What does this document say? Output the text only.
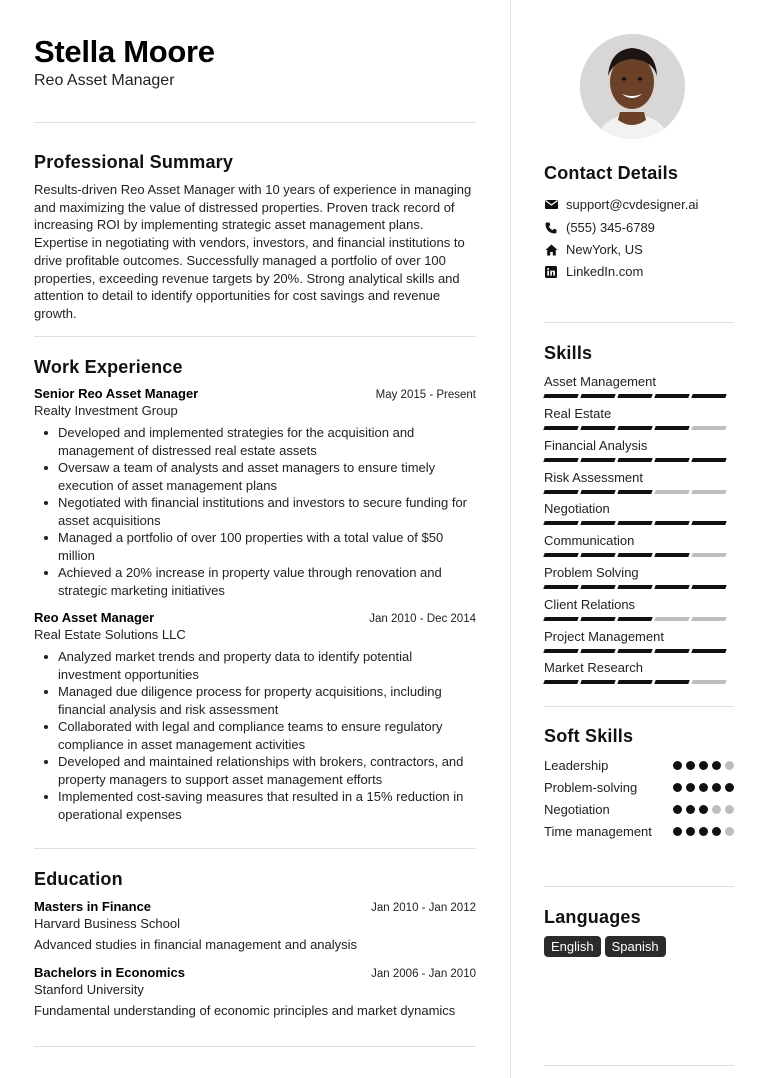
Stella Moore
Reo Asset Manager
Professional Summary
Results-driven Reo Asset Manager with 10 years of experience in managing and maximizing the value of distressed properties. Proven track record of increasing ROI by implementing strategic asset management plans. Expertise in negotiating with vendors, investors, and financial institutions to drive profitable outcomes. Successfully managed a portfolio of over 100 properties, exceeding revenue targets by 20%. Strong analytical skills and attention to detail to identify opportunities for cost savings and revenue growth.
Work Experience
Senior Reo Asset Manager	May 2015 - Present
Realty Investment Group
Developed and implemented strategies for the acquisition and management of distressed real estate assets
Oversaw a team of analysts and asset managers to ensure timely execution of asset management plans
Negotiated with financial institutions and investors to secure funding for asset acquisitions
Managed a portfolio of over 100 properties with a total value of $50 million
Achieved a 20% increase in property value through renovation and strategic marketing initiatives
Reo Asset Manager	Jan 2010 - Dec 2014
Real Estate Solutions LLC
Analyzed market trends and property data to identify potential investment opportunities
Managed due diligence process for property acquisitions, including financial analysis and risk assessment
Collaborated with legal and compliance teams to ensure regulatory compliance in asset management activities
Developed and maintained relationships with brokers, contractors, and property managers to support asset management efforts
Implemented cost-saving measures that resulted in a 15% reduction in operational expenses
Education
Masters in Finance	Jan 2010 - Jan 2012
Harvard Business School
Advanced studies in financial management and analysis
Bachelors in Economics	Jan 2006 - Jan 2010
Stanford University
Fundamental understanding of economic principles and market dynamics
Contact Details
support@cvdesigner.ai
(555) 345-6789
NewYork, US
LinkedIn.com
Skills
Asset Management
Real Estate
Financial Analysis
Risk Assessment
Negotiation
Communication
Problem Solving
Client Relations
Project Management
Market Research
Soft Skills
Leadership
Problem-solving
Negotiation
Time management
Languages
English	Spanish
